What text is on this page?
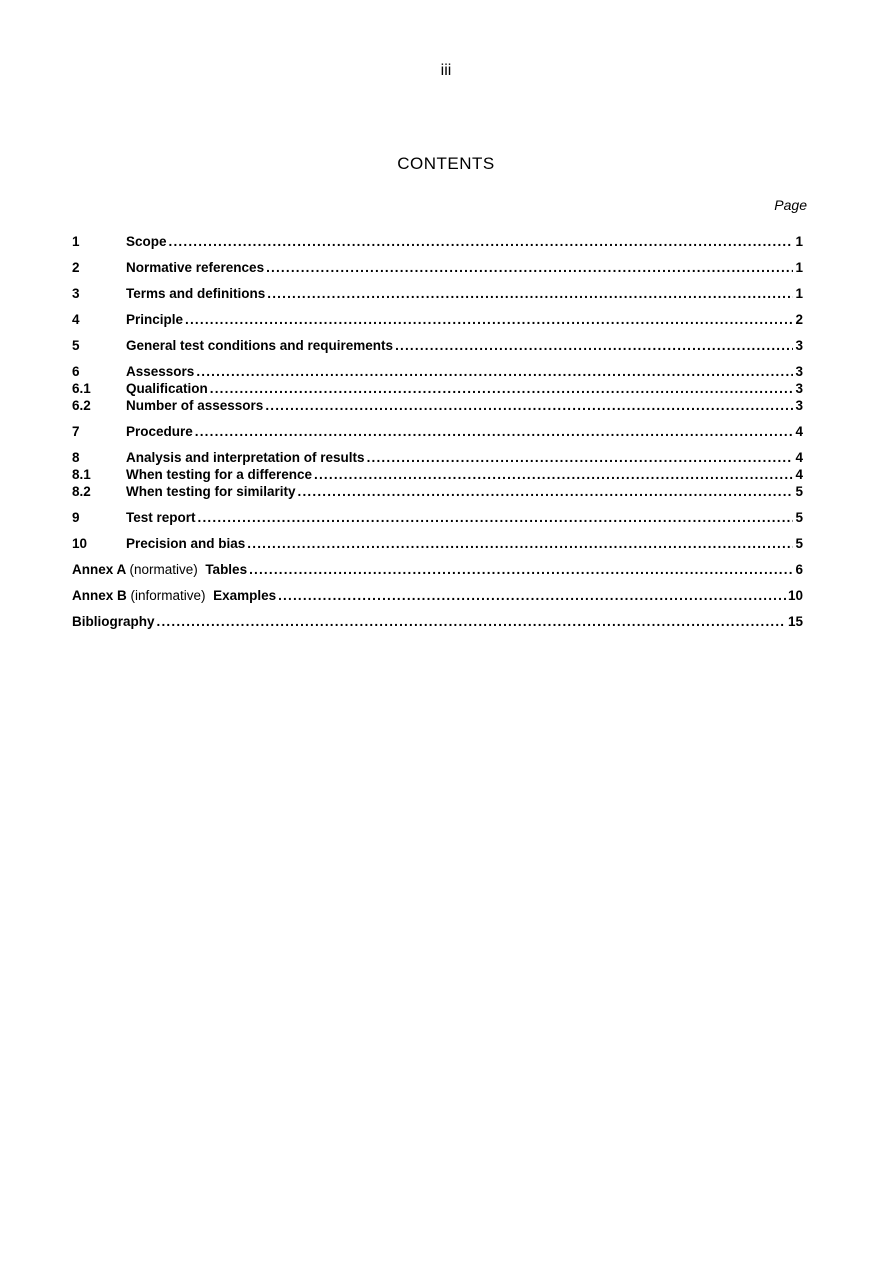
iii
CONTENTS
Page
1	Scope .....	1
2	Normative references .....	1
3	Terms and definitions .....	1
4	Principle .....	2
5	General test conditions and requirements .....	3
6	Assessors .....	3
6.1	Qualification .....	3
6.2	Number of assessors .....	3
7	Procedure .....	4
8	Analysis and interpretation of results .....	4
8.1	When testing for a difference .....	4
8.2	When testing for similarity .....	5
9	Test report .....	5
10	Precision and bias .....	5
Annex A (normative) Tables .....	6
Annex B (informative) Examples .....	10
Bibliography .....	15
